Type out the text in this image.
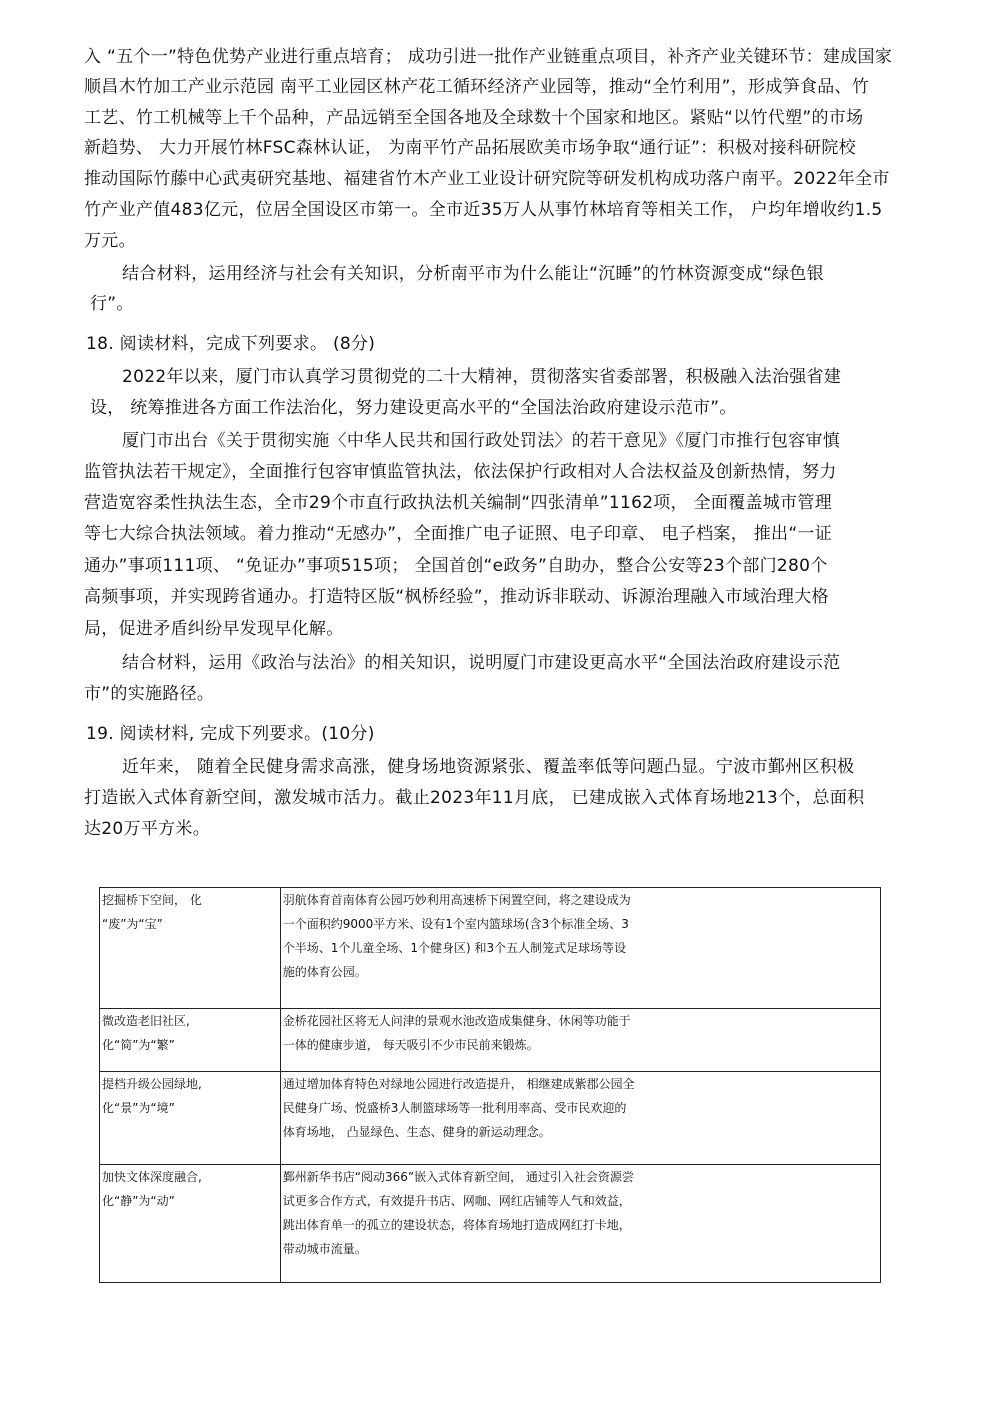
入 “五个一”特色优势产业进行重点培育； 成功引进一批作产业链重点项目，补齐产业关键环节：建成国家
顺昌木竹加工产业示范园 南平工业园区林产花工循环经济产业园等，推动“全竹利用”，形成笋食品、竹
工艺、竹工机械等上千个品种，产品远销至全国各地及全球数十个国家和地区。紧贴“以竹代塑”的市场
新趋势、 大力开展竹林FSC森林认证， 为南平竹产品拓展欧美市场争取“通行证”：积极对接科研院校
推动国际竹藤中心武夷研究基地、福建省竹木产业工业设计研究院等研发机构成功落户南平。2022年全市
竹产业产值483亿元，位居全国设区市第一。全市近35万人从事竹林培育等相关工作， 户均年增收约1.5
万元。
结合材料，运用经济与社会有关知识，分析南平市为什么能让“沉睡”的竹林资源变成“绿色银
行”。
18. 阅读材料，完成下列要求。 (8分)
2022年以来，厦门市认真学习贯彻党的二十大精神，贯彻落实省委部署，积极融入法治强省建
设， 统筹推进各方面工作法治化，努力建设更高水平的“全国法治政府建设示范市”。
厦门市出台《关于贯彻实施〈中华人民共和国行政处罚法〉的若干意见》《厦门市推行包容审慎
监管执法若干规定》，全面推行包容审慎监管执法，依法保护行政相对人合法权益及创新热情，努力
营造宽容柔性执法生态，全市29个市直行政执法机关编制“四张清单”1162项， 全面覆盖城市管理
等七大综合执法领域。着力推动“无感办”，全面推广电子证照、电子印章、 电子档案， 推出“一证
通办”事项111项、 “免证办”事项515项； 全国首创“e政务”自助办，整合公安等23个部门280个
高频事项，并实现跨省通办。打造特区版“枫桥经验”，推动诉非联动、诉源治理融入市域治理大格
局，促进矛盾纠纷早发现早化解。
结合材料，运用《政治与法治》的相关知识，说明厦门市建设更高水平“全国法治政府建设示范
市”的实施路径。
19. 阅读材料, 完成下列要求。(10分)
近年来， 随着全民健身需求高涨，健身场地资源紧张、覆盖率低等问题凸显。宁波市鄞州区积极
打造嵌入式体育新空间，激发城市活力。截止2023年11月底， 已建成嵌入式体育场地213个，总面积
达20万平方米。
挖掘桥下空间， 化
“废”为“宝”	羽航体育首南体育公园巧妙利用高速桥下闲置空间，将之建设成为
一个面积约9000平方米、设有1个室内篮球场(含3个标准全场、3
个半场、1个儿童全场、1个健身区) 和3个五人制笼式足球场等设
施的体育公园。

微改造老旧社区,
化“简”为“繁”	金桥花园社区将无人问津的景观水池改造成集健身、休闲等功能于
一体的健康步道， 每天吸引不少市民前来锻炼。

提档升级公园绿地,
化“景”为“境”	通过增加体育特色对绿地公园进行改造提升， 相继建成紫郡公园全
民健身广场、悦盛桥3人制篮球场等一批利用率高、受市民欢迎的
体育场地， 凸显绿色、生态、健身的新运动理念。

加快文体深度融合,
化“静”为“动”	鄞州新华书店“阅动366”嵌入式体育新空间， 通过引入社会资源尝
试更多合作方式，有效提升书店、网咖、网红店铺等人气和效益，
跳出体育单一的孤立的建设状态，将体育场地打造成网红打卡地，
带动城市流量。
